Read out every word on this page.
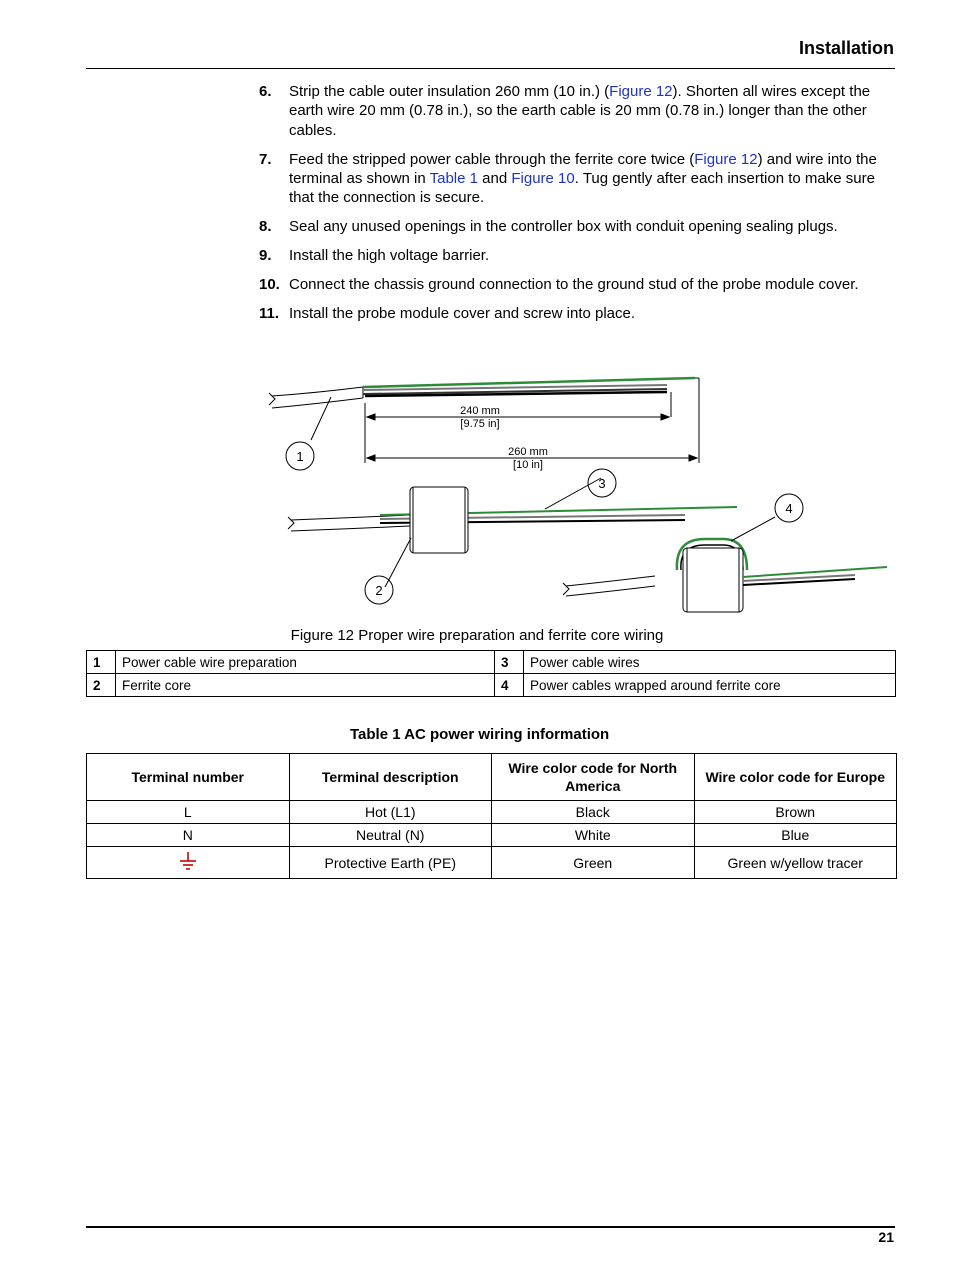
Installation
6. Strip the cable outer insulation 260 mm (10 in.) (Figure 12). Shorten all wires except the earth wire 20 mm (0.78 in.), so the earth cable is 20 mm (0.78 in.) longer than the other cables.
7. Feed the stripped power cable through the ferrite core twice (Figure 12) and wire into the terminal as shown in Table 1 and Figure 10. Tug gently after each insertion to make sure that the connection is secure.
8. Seal any unused openings in the controller box with conduit opening sealing plugs.
9. Install the high voltage barrier.
10. Connect the chassis ground connection to the ground stud of the probe module cover.
11. Install the probe module cover and screw into place.
240 mm
[9.75 in]
260 mm
[10 in]
1
3
2
4
Figure 12 Proper wire preparation and ferrite core wiring
1	Power cable wire preparation	3	Power cable wires
2	Ferrite core	4	Power cables wrapped around ferrite core
Table 1 AC power wiring information
Terminal number	Terminal description	Wire color code for North America	Wire color code for Europe
L	Hot (L1)	Black	Brown
N	Neutral (N)	White	Blue
	Protective Earth (PE)	Green	Green w/yellow tracer
21
